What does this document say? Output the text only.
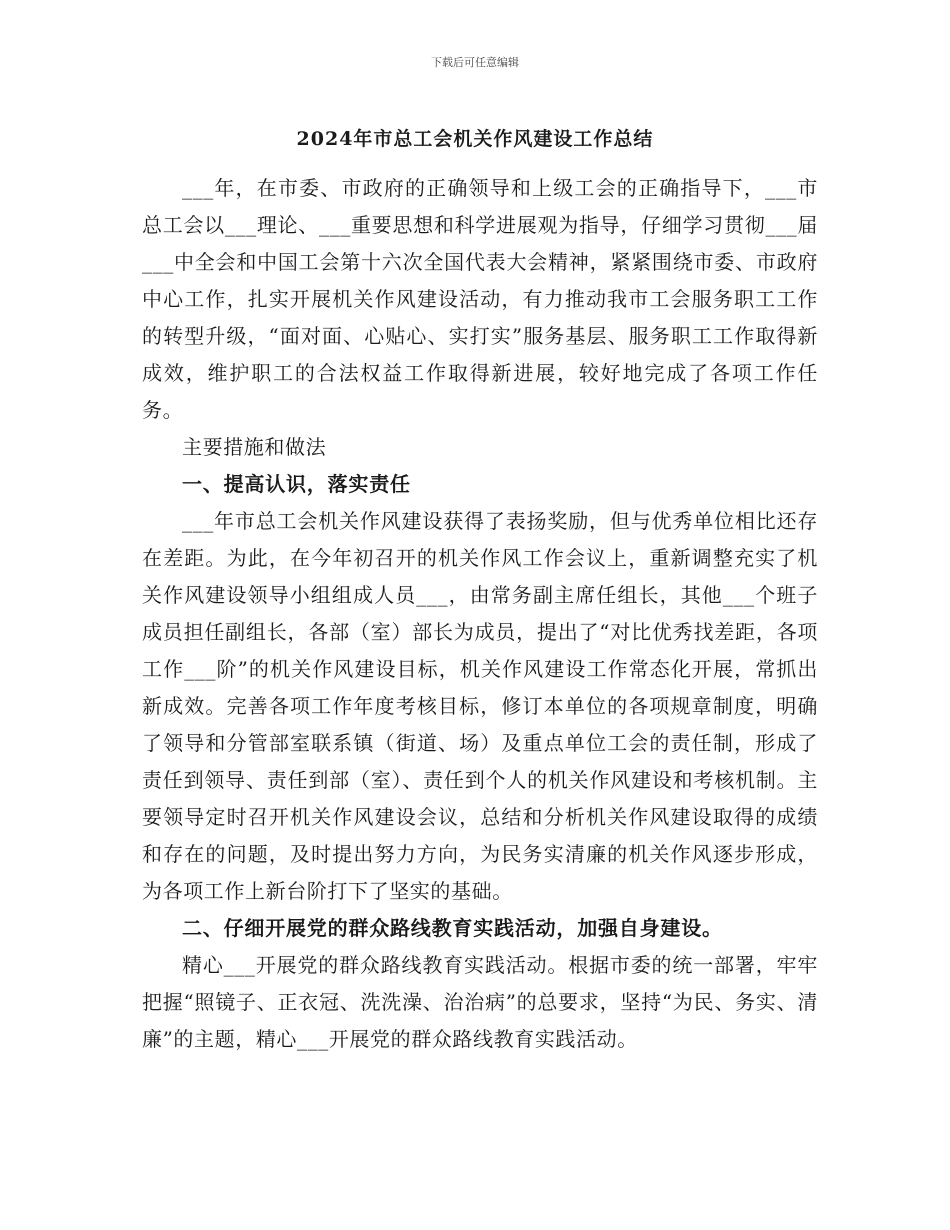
下载后可任意编辑
2024年市总工会机关作风建设工作总结

___年，在市委、市政府的正确领导和上级工会的正确指导下，___市总工会以___理论、___重要思想和科学进展观为指导，仔细学习贯彻___届___中全会和中国工会第十六次全国代表大会精神，紧紧围绕市委、市政府中心工作，扎实开展机关作风建设活动，有力推动我市工会服务职工工作的转型升级，“面对面、心贴心、实打实”服务基层、服务职工工作取得新成效，维护职工的合法权益工作取得新进展，较好地完成了各项工作任务。

主要措施和做法

一、提高认识，落实责任

___年市总工会机关作风建设获得了表扬奖励，但与优秀单位相比还存在差距。为此，在今年初召开的机关作风工作会议上，重新调整充实了机关作风建设领导小组组成人员___，由常务副主席任组长，其他___个班子成员担任副组长，各部（室）部长为成员，提出了“对比优秀找差距，各项工作___阶”的机关作风建设目标，机关作风建设工作常态化开展，常抓出新成效。完善各项工作年度考核目标，修订本单位的各项规章制度，明确了领导和分管部室联系镇（街道、场）及重点单位工会的责任制，形成了责任到领导、责任到部（室）、责任到个人的机关作风建设和考核机制。主要领导定时召开机关作风建设会议，总结和分析机关作风建设取得的成绩和存在的问题，及时提出努力方向，为民务实清廉的机关作风逐步形成，为各项工作上新台阶打下了坚实的基础。

二、仔细开展党的群众路线教育实践活动，加强自身建设。

精心___开展党的群众路线教育实践活动。根据市委的统一部署，牢牢把握“照镜子、正衣冠、洗洗澡、治治病”的总要求，坚持“为民、务实、清廉”的主题，精心___开展党的群众路线教育实践活动。
